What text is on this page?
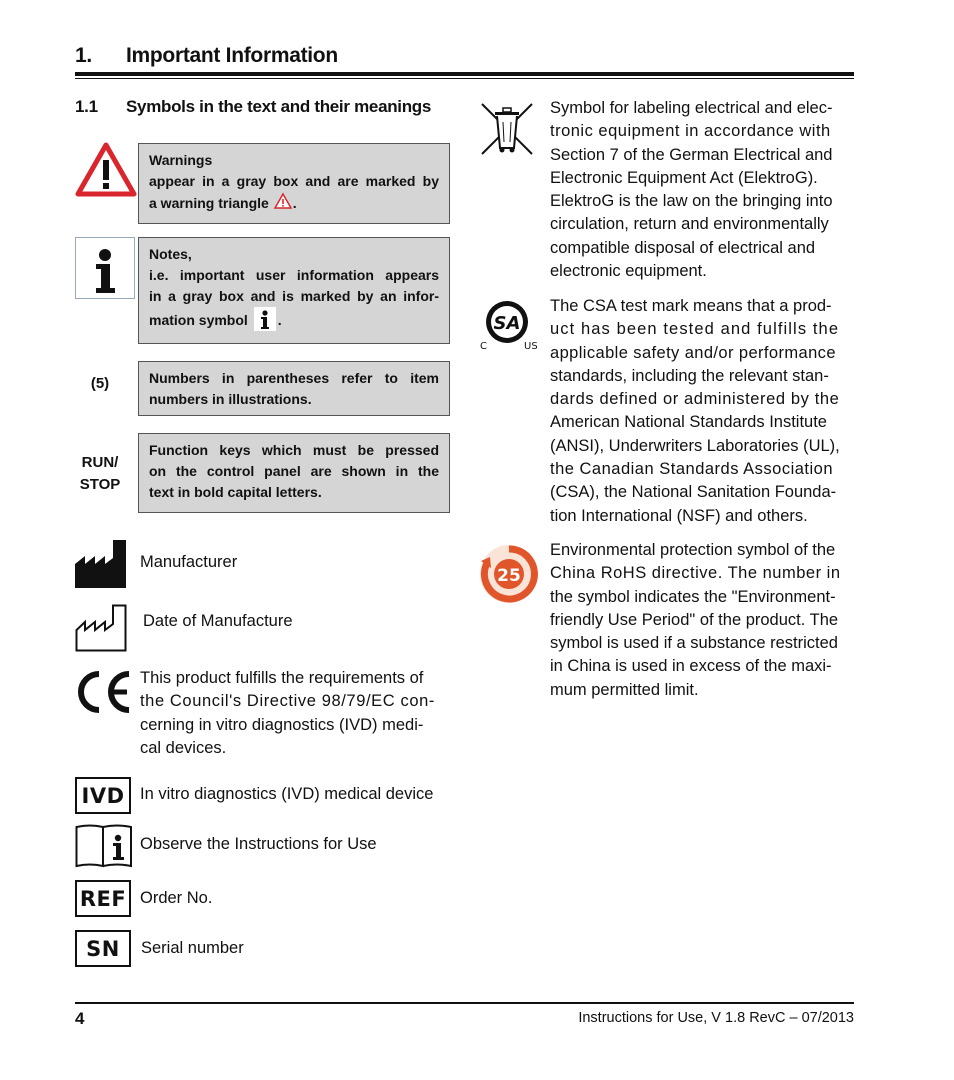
1. Important Information
1.1 Symbols in the text and their meanings
Warnings
appear in a gray box and are marked by
a warning triangle .
Notes,
i.e. important user information appears
in a gray box and is marked by an infor-
mation symbol .
(5)	Numbers in parentheses refer to item
numbers in illustrations.
RUN/
STOP
Function keys which must be pressed
on the control panel are shown in the
text in bold capital letters.
Manufacturer
Date of Manufacture
This product fulfills the requirements of
the Council's Directive 98/79/EC con-
cerning in vitro diagnostics (IVD) medi-
cal devices.
IVD In vitro diagnostics (IVD) medical device
Observe the Instructions for Use
REF Order No.
SN	Serial number
Symbol for labeling electrical and elec-
tronic equipment in accordance with
Section 7 of the German Electrical and
Electronic Equipment Act (ElektroG).
ElektroG is the law on the bringing into
circulation, return and environmentally
compatible disposal of electrical and
electronic equipment.
SA
C	US
The CSA test mark means that a prod-
uct has been tested and fulfills the
applicable safety and/or performance
standards, including the relevant stan-
dards defined or administered by the
American National Standards Institute
(ANSI), Underwriters Laboratories (UL),
the Canadian Standards Association
(CSA), the National Sanitation Founda-
tion International (NSF) and others.
25
Environmental protection symbol of the
China RoHS directive. The number in
the symbol indicates the "Environment-
friendly Use Period" of the product. The
symbol is used if a substance restricted
in China is used in excess of the maxi-
mum permitted limit.
4	Instructions for Use, V 1.8 RevC – 07/2013
